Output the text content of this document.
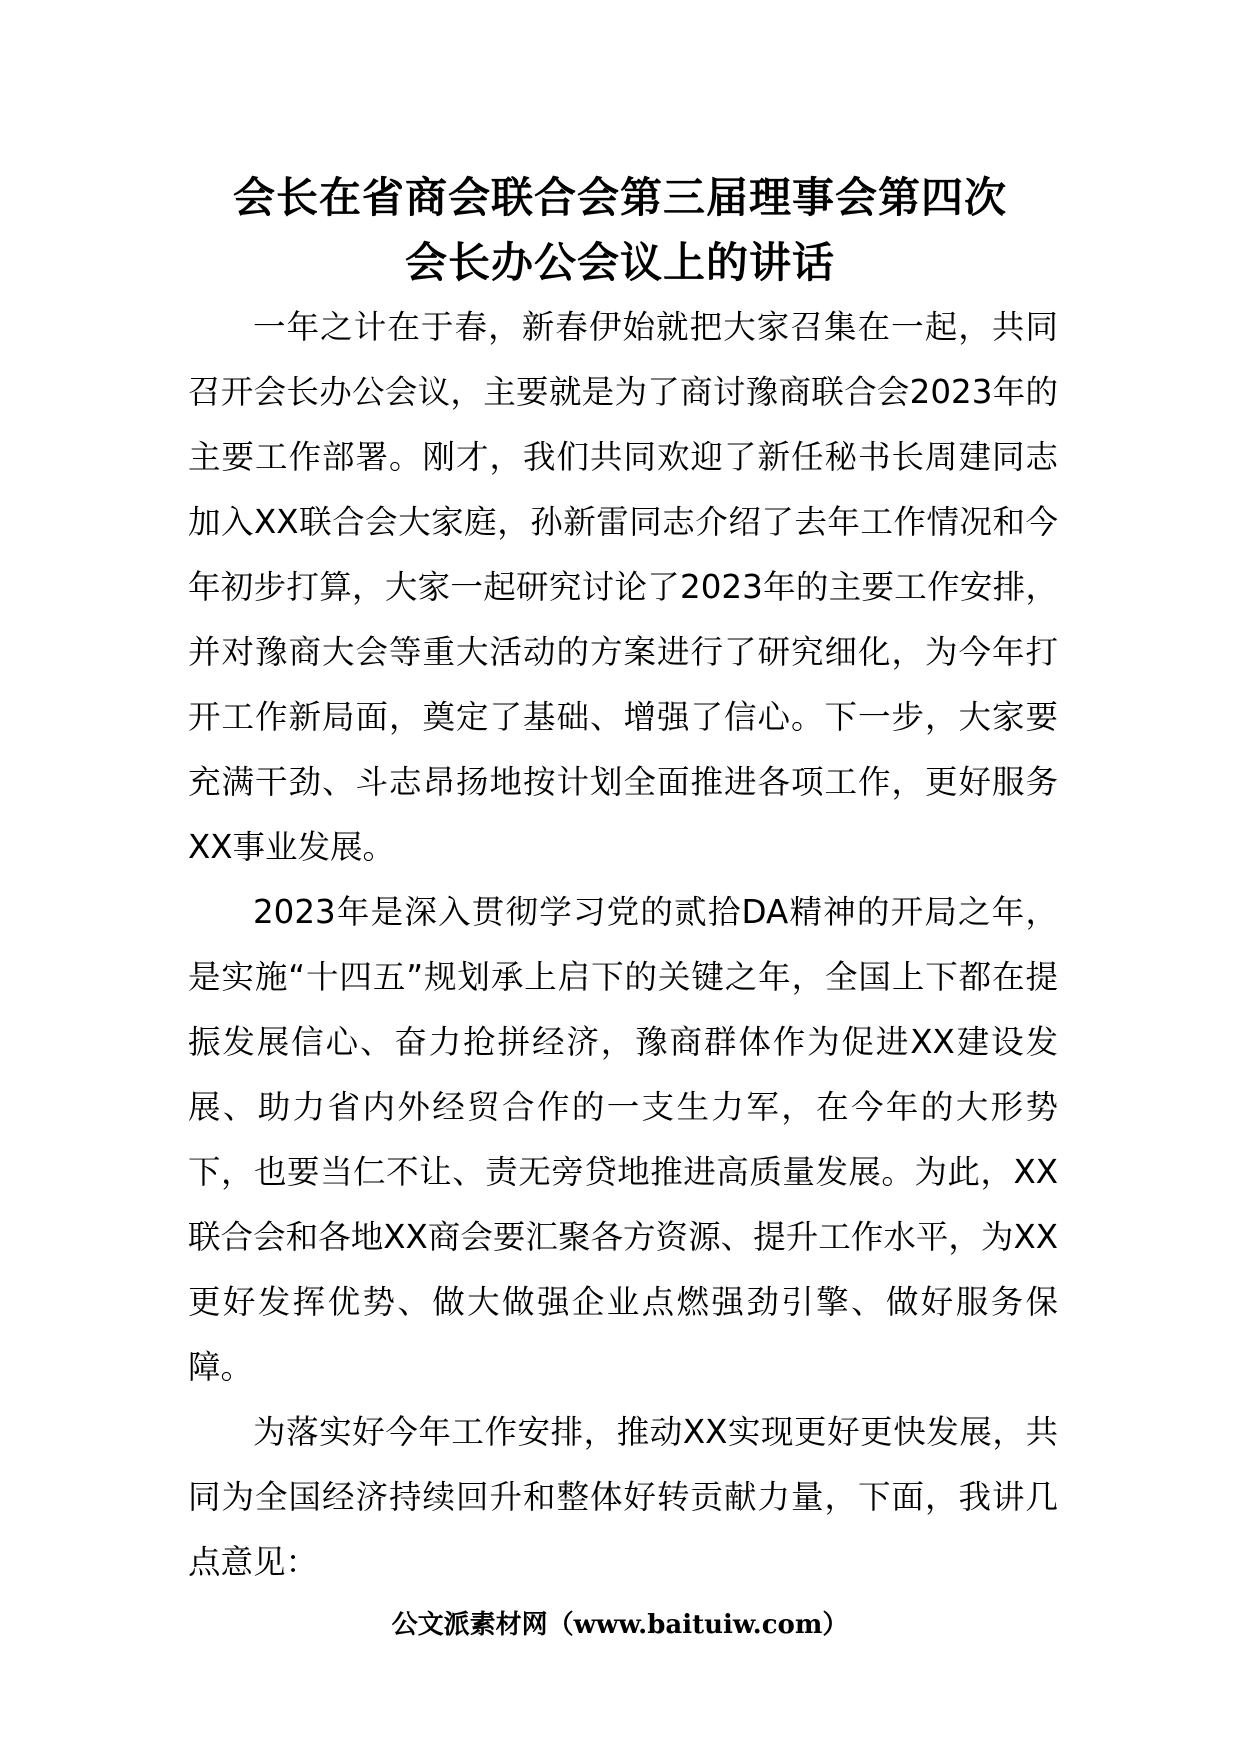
会长在省商会联合会第三届理事会第四次
会长办公会议上的讲话

一年之计在于春，新春伊始就把大家召集在一起，共同召开会长办公会议，主要就是为了商讨豫商联合会2023年的主要工作部署。刚才，我们共同欢迎了新任秘书长周建同志加入XX联合会大家庭，孙新雷同志介绍了去年工作情况和今年初步打算，大家一起研究讨论了2023年的主要工作安排，并对豫商大会等重大活动的方案进行了研究细化，为今年打开工作新局面，奠定了基础、增强了信心。下一步，大家要充满干劲、斗志昂扬地按计划全面推进各项工作，更好服务XX事业发展。

2023年是深入贯彻学习党的贰拾DA精神的开局之年，是实施“十四五”规划承上启下的关键之年，全国上下都在提振发展信心、奋力抢拼经济，豫商群体作为促进XX建设发展、助力省内外经贸合作的一支生力军，在今年的大形势下，也要当仁不让、责无旁贷地推进高质量发展。为此，XX联合会和各地XX商会要汇聚各方资源、提升工作水平，为XX更好发挥优势、做大做强企业点燃强劲引擎、做好服务保障。

为落实好今年工作安排，推动XX实现更好更快发展，共同为全国经济持续回升和整体好转贡献力量，下面，我讲几点意见：

公文派素材网（www.baituiw.com）
